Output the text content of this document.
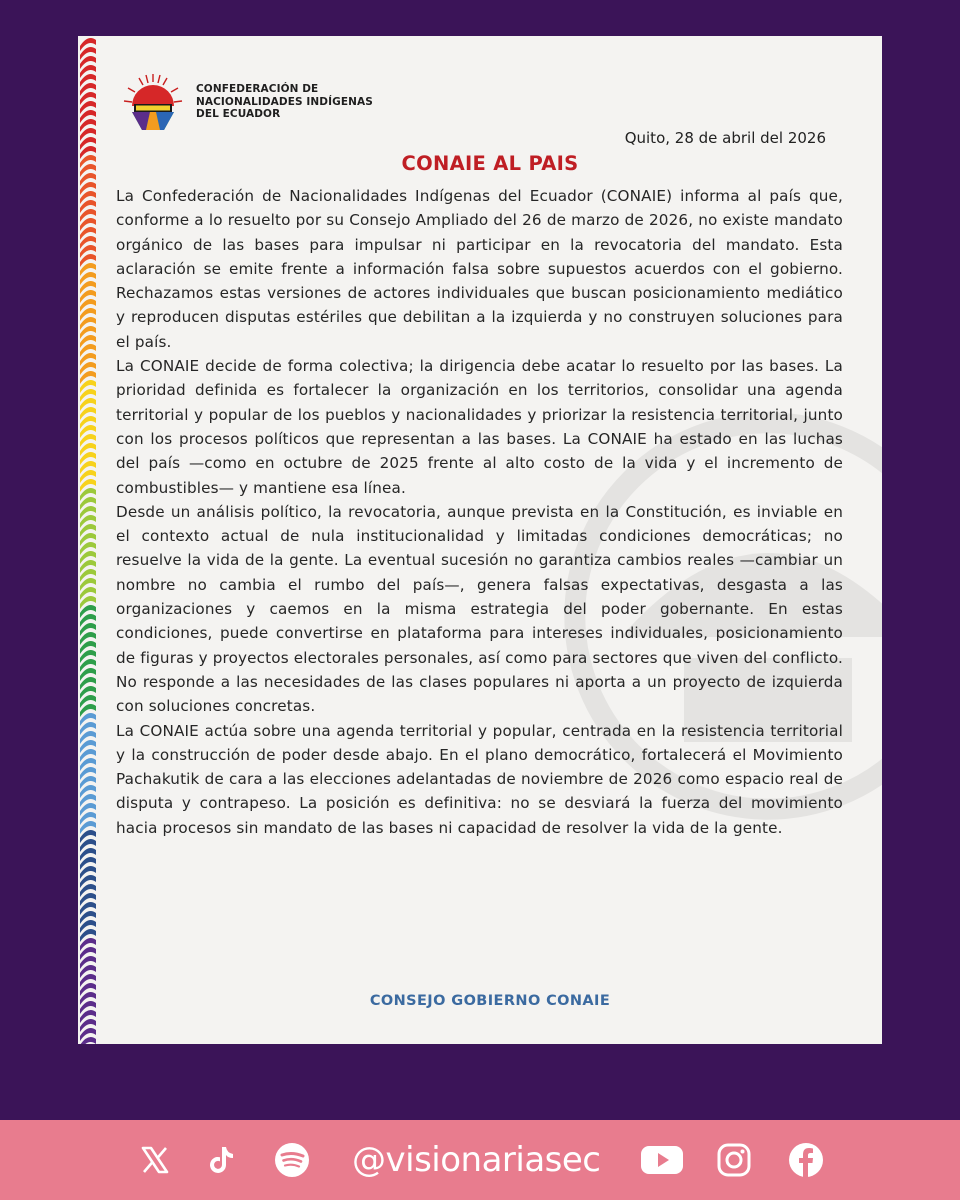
CONFEDERACIÓN DE
NACIONALIDADES INDÍGENAS
DEL ECUADOR
Quito, 28 de abril del 2026
CONAIE AL PAIS

La Confederación de Nacionalidades Indígenas del Ecuador (CONAIE) informa al país que, conforme a lo resuelto por su Consejo Ampliado del 26 de marzo de 2026, no existe mandato orgánico de las bases para impulsar ni participar en la revocatoria del mandato. Esta aclaración se emite frente a información falsa sobre supuestos acuerdos con el gobierno. Rechazamos estas versiones de actores individuales que buscan posicionamiento mediático y reproducen disputas estériles que debilitan a la izquierda y no construyen soluciones para el país.

La CONAIE decide de forma colectiva; la dirigencia debe acatar lo resuelto por las bases. La prioridad definida es fortalecer la organización en los territorios, consolidar una agenda territorial y popular de los pueblos y nacionalidades y priorizar la resistencia territorial, junto con los procesos políticos que representan a las bases. La CONAIE ha estado en las luchas del país —como en octubre de 2025 frente al alto costo de la vida y el incremento de combustibles— y mantiene esa línea.

Desde un análisis político, la revocatoria, aunque prevista en la Constitución, es inviable en el contexto actual de nula institucionalidad y limitadas condiciones democráticas; no resuelve la vida de la gente. La eventual sucesión no garantiza cambios reales —cambiar un nombre no cambia el rumbo del país—, genera falsas expectativas, desgasta a las organizaciones y caemos en la misma estrategia del poder gobernante. En estas condiciones, puede convertirse en plataforma para intereses individuales, posicionamiento de figuras y proyectos electorales personales, así como para sectores que viven del conflicto. No responde a las necesidades de las clases populares ni aporta a un proyecto de izquierda con soluciones concretas.

La CONAIE actúa sobre una agenda territorial y popular, centrada en la resistencia territorial y la construcción de poder desde abajo. En el plano democrático, fortalecerá el Movimiento Pachakutik de cara a las elecciones adelantadas de noviembre de 2026 como espacio real de disputa y contrapeso. La posición es definitiva: no se desviará la fuerza del movimiento hacia procesos sin mandato de las bases ni capacidad de resolver la vida de la gente.

CONSEJO GOBIERNO CONAIE
@visionariasec
